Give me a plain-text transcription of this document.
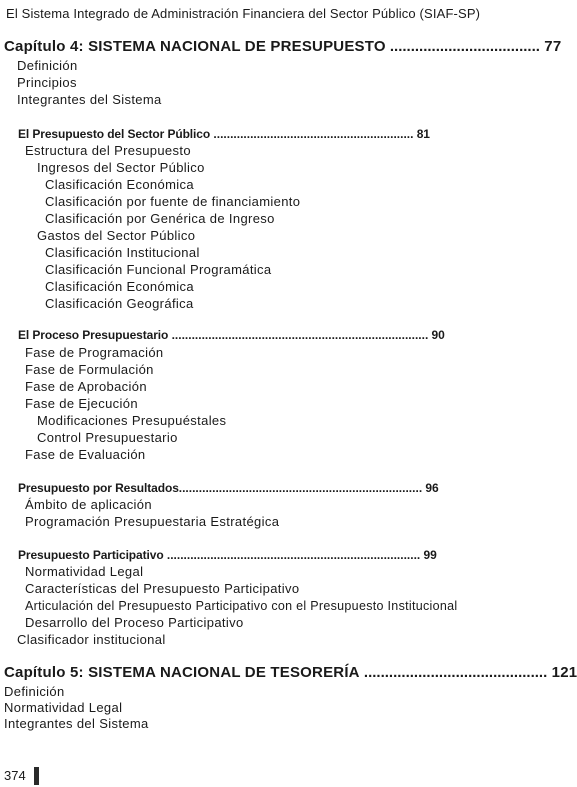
El Sistema Integrado de Administración Financiera del Sector Público (SIAF-SP)
Capítulo 4: SISTEMA NACIONAL DE PRESUPUESTO .................................... 77
Definición
Principios
Integrantes del Sistema
El Presupuesto del Sector Público ............................................................ 81
Estructura del Presupuesto
Ingresos del Sector Público
Clasificación Económica
Clasificación por fuente de financiamiento
Clasificación por Genérica de Ingreso
Gastos del Sector Público
Clasificación Institucional
Clasificación Funcional Programática
Clasificación Económica
Clasificación Geográfica
El Proceso Presupuestario ............................................................................. 90
Fase de Programación
Fase de Formulación
Fase de Aprobación
Fase de Ejecución
Modificaciones Presupuéstales
Control Presupuestario
Fase de Evaluación
Presupuesto por Resultados......................................................................... 96
Ámbito de aplicación
Programación Presupuestaria Estratégica
Presupuesto Participativo ............................................................................ 99
Normatividad Legal
Características del Presupuesto Participativo
Articulación del Presupuesto Participativo con el Presupuesto Institucional
Desarrollo del Proceso Participativo
Clasificador institucional
Capítulo 5: SISTEMA NACIONAL DE TESORERÍA ............................................ 121
Definición
Normatividad Legal
Integrantes del Sistema
374
